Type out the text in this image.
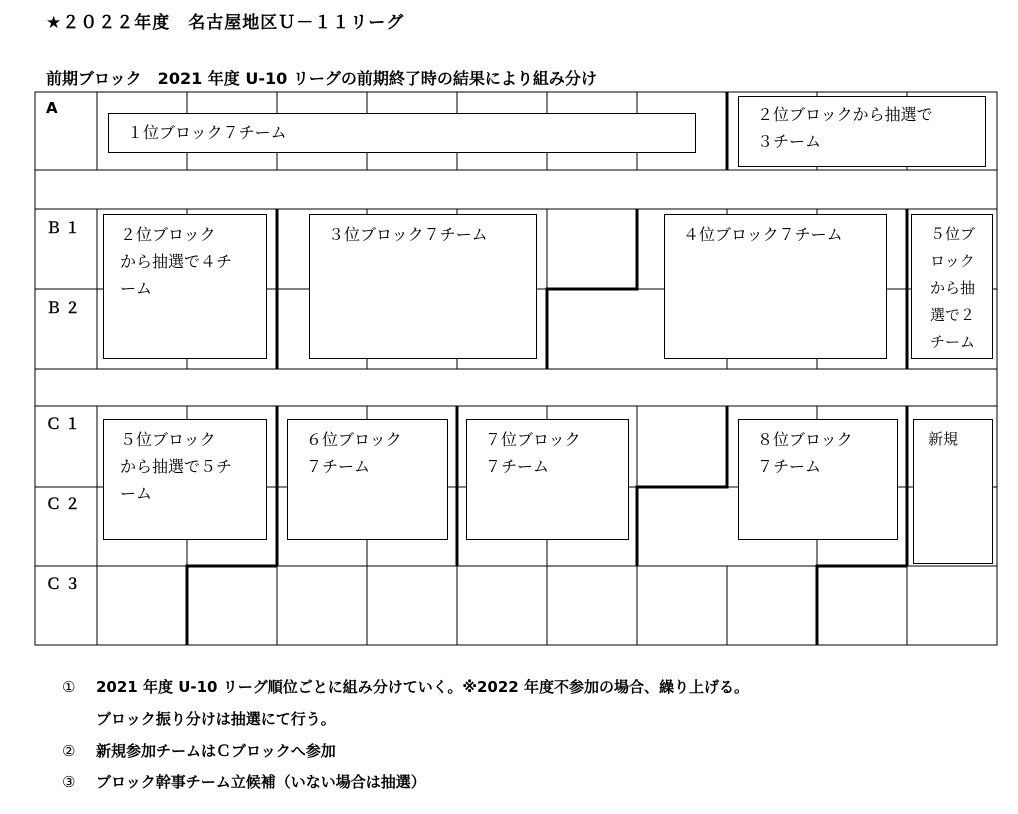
★２０２２年度　名古屋地区Ｕ－１１リーグ
前期ブロック　2021 年度 U-10 リーグの前期終了時の結果により組み分け
A
Ｂ１
Ｂ２
Ｃ１
Ｃ２
Ｃ３
１位ブロック７チーム
２位ブロックから抽選で
３チーム
２位ブロック
から抽選で４チ
ーム
３位ブロック７チーム	４位ブロック７チーム	５位ブ
ロック
から抽
選で２
チーム
５位ブロック
から抽選で５チ
ーム
６位ブロック
７チーム
７位ブロック
７チーム
８位ブロック
７チーム
新規
① 2021 年度 U-10 リーグ順位ごとに組み分けていく。※2022 年度不参加の場合、繰り上げる。
ブロック振り分けは抽選にて行う。
② 新規参加チームはＣブロックへ参加
③ ブロック幹事チーム立候補（いない場合は抽選）
